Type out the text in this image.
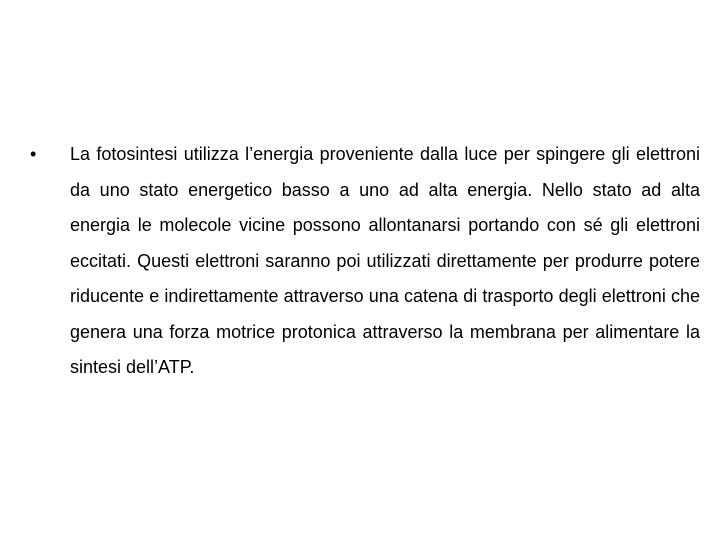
•	La fotosintesi utilizza l’energia proveniente dalla luce per spingere gli elettroni da uno stato energetico basso a uno ad alta energia. Nello stato ad alta energia le molecole vicine possono allontanarsi portando con sé gli elettroni eccitati. Questi elettroni saranno poi utilizzati direttamente per produrre potere riducente e indirettamente attraverso una catena di trasporto degli elettroni che genera una forza motrice protonica attraverso la membrana per alimentare la sintesi dell’ATP.
